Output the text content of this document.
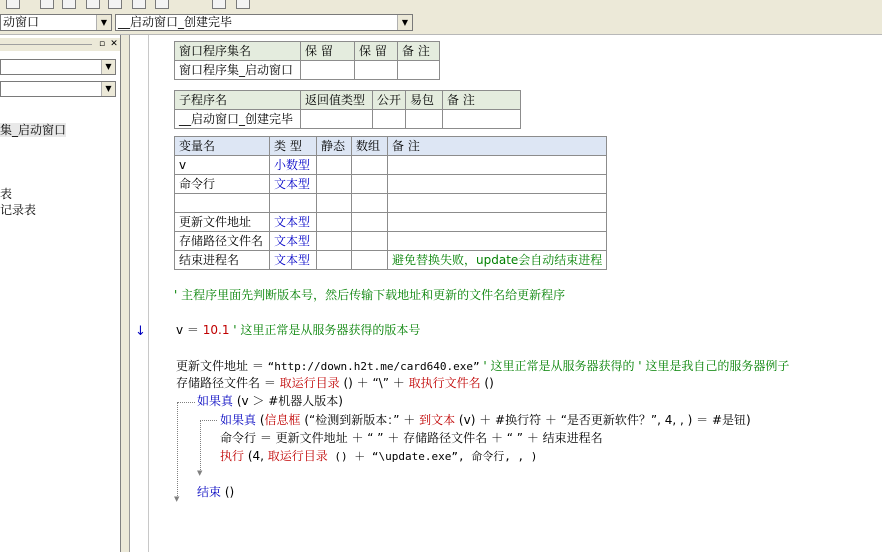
动窗口	▼ __启动窗口_创建完毕	▼
▫ ✕
▼
▼
集_启动窗口
表
记录表
窗口程序集名	保 留	保 留	备 注
窗口程序集_启动窗口			
子程序名	返回值类型	公开	易包	备 注
__启动窗口_创建完毕				
变量名	类 型	静态	数组	备 注
v	小数型			
命令行	文本型			

更新文件地址	文本型			
存储路径文件名	文本型			
结束进程名	文本型			避免替换失败，update会自动结束进程
' 主程序里面先判断版本号，然后传输下载地址和更新的文件名给更新程序
↓	v ＝ 10.1 ' 这里正常是从服务器获得的版本号
更新文件地址 ＝ “http://down.h2t.me/card640.exe” ' 这里正常是从服务器获得的 ' 这里是我自己的服务器例子
存储路径文件名 ＝ 取运行目录 () ＋ “\” ＋ 取执行文件名 ()
▼
▼
如果真 (v ＞ #机器人版本)
如果真 (信息框 (“检测到新版本：” ＋ 到文本 (v) ＋ #换行符 ＋ “是否更新软件？”, 4, , ) ＝ #是钮)
命令行 ＝ 更新文件地址 ＋ “ ” ＋ 存储路径文件名 ＋ “ ” ＋ 结束进程名
执行 (4, 取运行目录 () ＋ “\update.exe”, 命令行, , )
结束 ()
